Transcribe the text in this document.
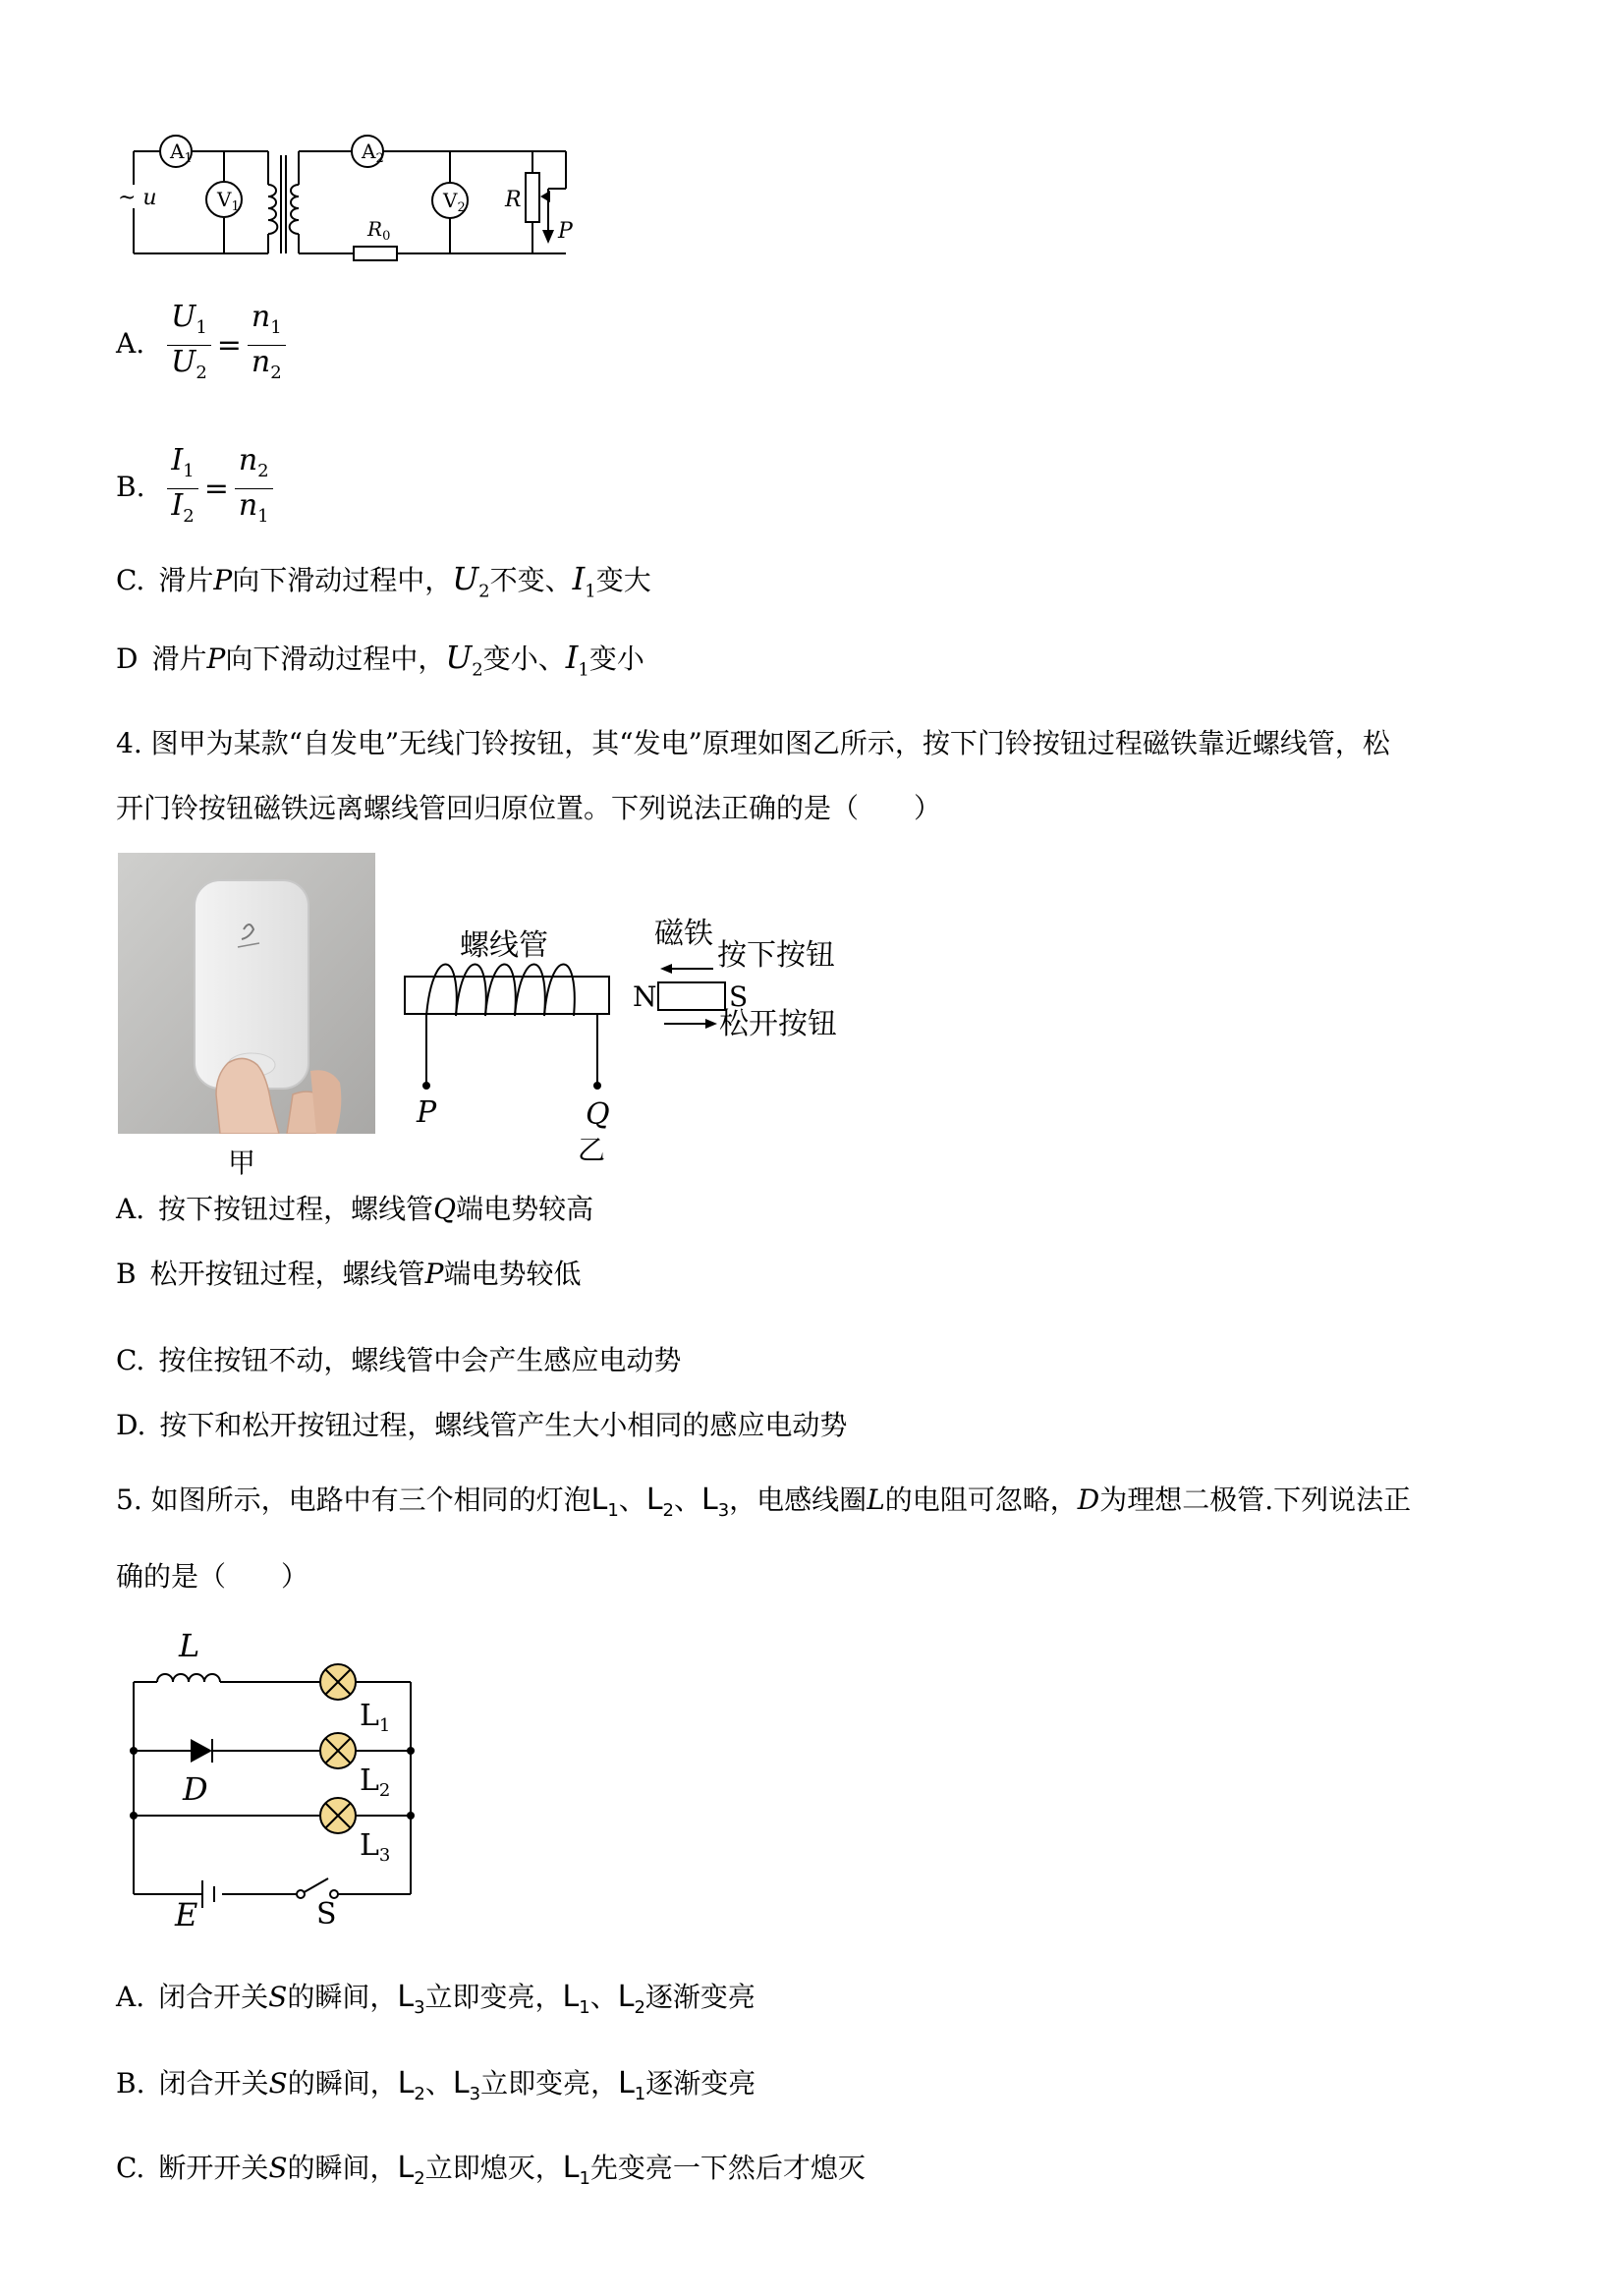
$A_1$
$V_1$
$A_2$
$V_2$
~ u
$R_0$
R
P
A. $\frac{U_1}{U_2} = \frac{n_1}{n_2}$
B. $\frac{I_1}{I_2} = \frac{n_2}{n_1}$
C. 滑片P向下滑动过程中，$U_2$不变、$I_1$变大
D 滑片P向下滑动过程中，$U_2$变小、$I_1$变小
4. 图甲为某款“自发电”无线门铃按钮，其“发电”原理如图乙所示，按下门铃按钮过程磁铁靠近螺线管，松
开门铃按钮磁铁远离螺线管回归原位置。下列说法正确的是（　　）
甲
螺线管	磁铁
按下按钮
松开按钮
N	S
P	Q
乙
A. 按下按钮过程，螺线管Q端电势较高
B 松开按钮过程，螺线管P端电势较低
C. 按住按钮不动，螺线管中会产生感应电动势
D. 按下和松开按钮过程，螺线管产生大小相同的感应电动势
5. 如图所示，电路中有三个相同的灯泡$L_1$、$L_2$、$L_3$，电感线圈L的电阻可忽略，D为理想二极管.下列说法正
确的是（　　）
L
D
E	S
$L_1$
$L_2$
$L_3$
A. 闭合开关S的瞬间，$L_3$立即变亮，$L_1$、$L_2$逐渐变亮
B. 闭合开关S的瞬间，$L_2$、$L_3$立即变亮，$L_1$逐渐变亮
C. 断开开关S的瞬间，$L_2$立即熄灭，$L_1$先变亮一下然后才熄灭
